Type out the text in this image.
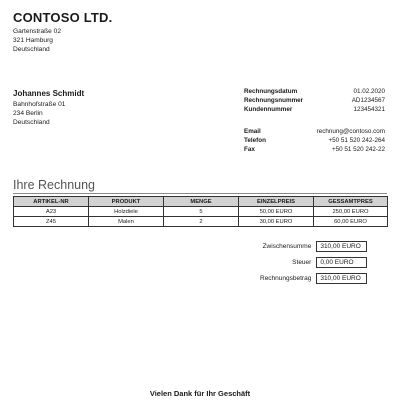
CONTOSO LTD.
Gartenstraße 02
321 Hamburg
Deutschland
Johannes Schmidt
Bahnhofstraße 01
234 Berlin
Deutschland
Rechnungsdatum	01.02.2020
Rechnungsnummer	AD1234567
Kundennummer	123454321
Email	rechnung@contoso.com
Telefon	+50 51 520 242-264
Fax	+50 51 520 242-22
Ihre Rechnung
ARTIKEL-NR	PRODUKT	MENGE	EINZELPREIS	GESSAMTPRES
A23	Holzdiele	5	50,00 EURO	250,00 EURO
Z45	Malen	2	30,00 EURO	60,00 EURO
Zwischensumme	310,00 EURO
Steuer	0,00 EURO
Rechnungsbetrag	310,00 EURO
Vielen Dank für Ihr Geschäft
